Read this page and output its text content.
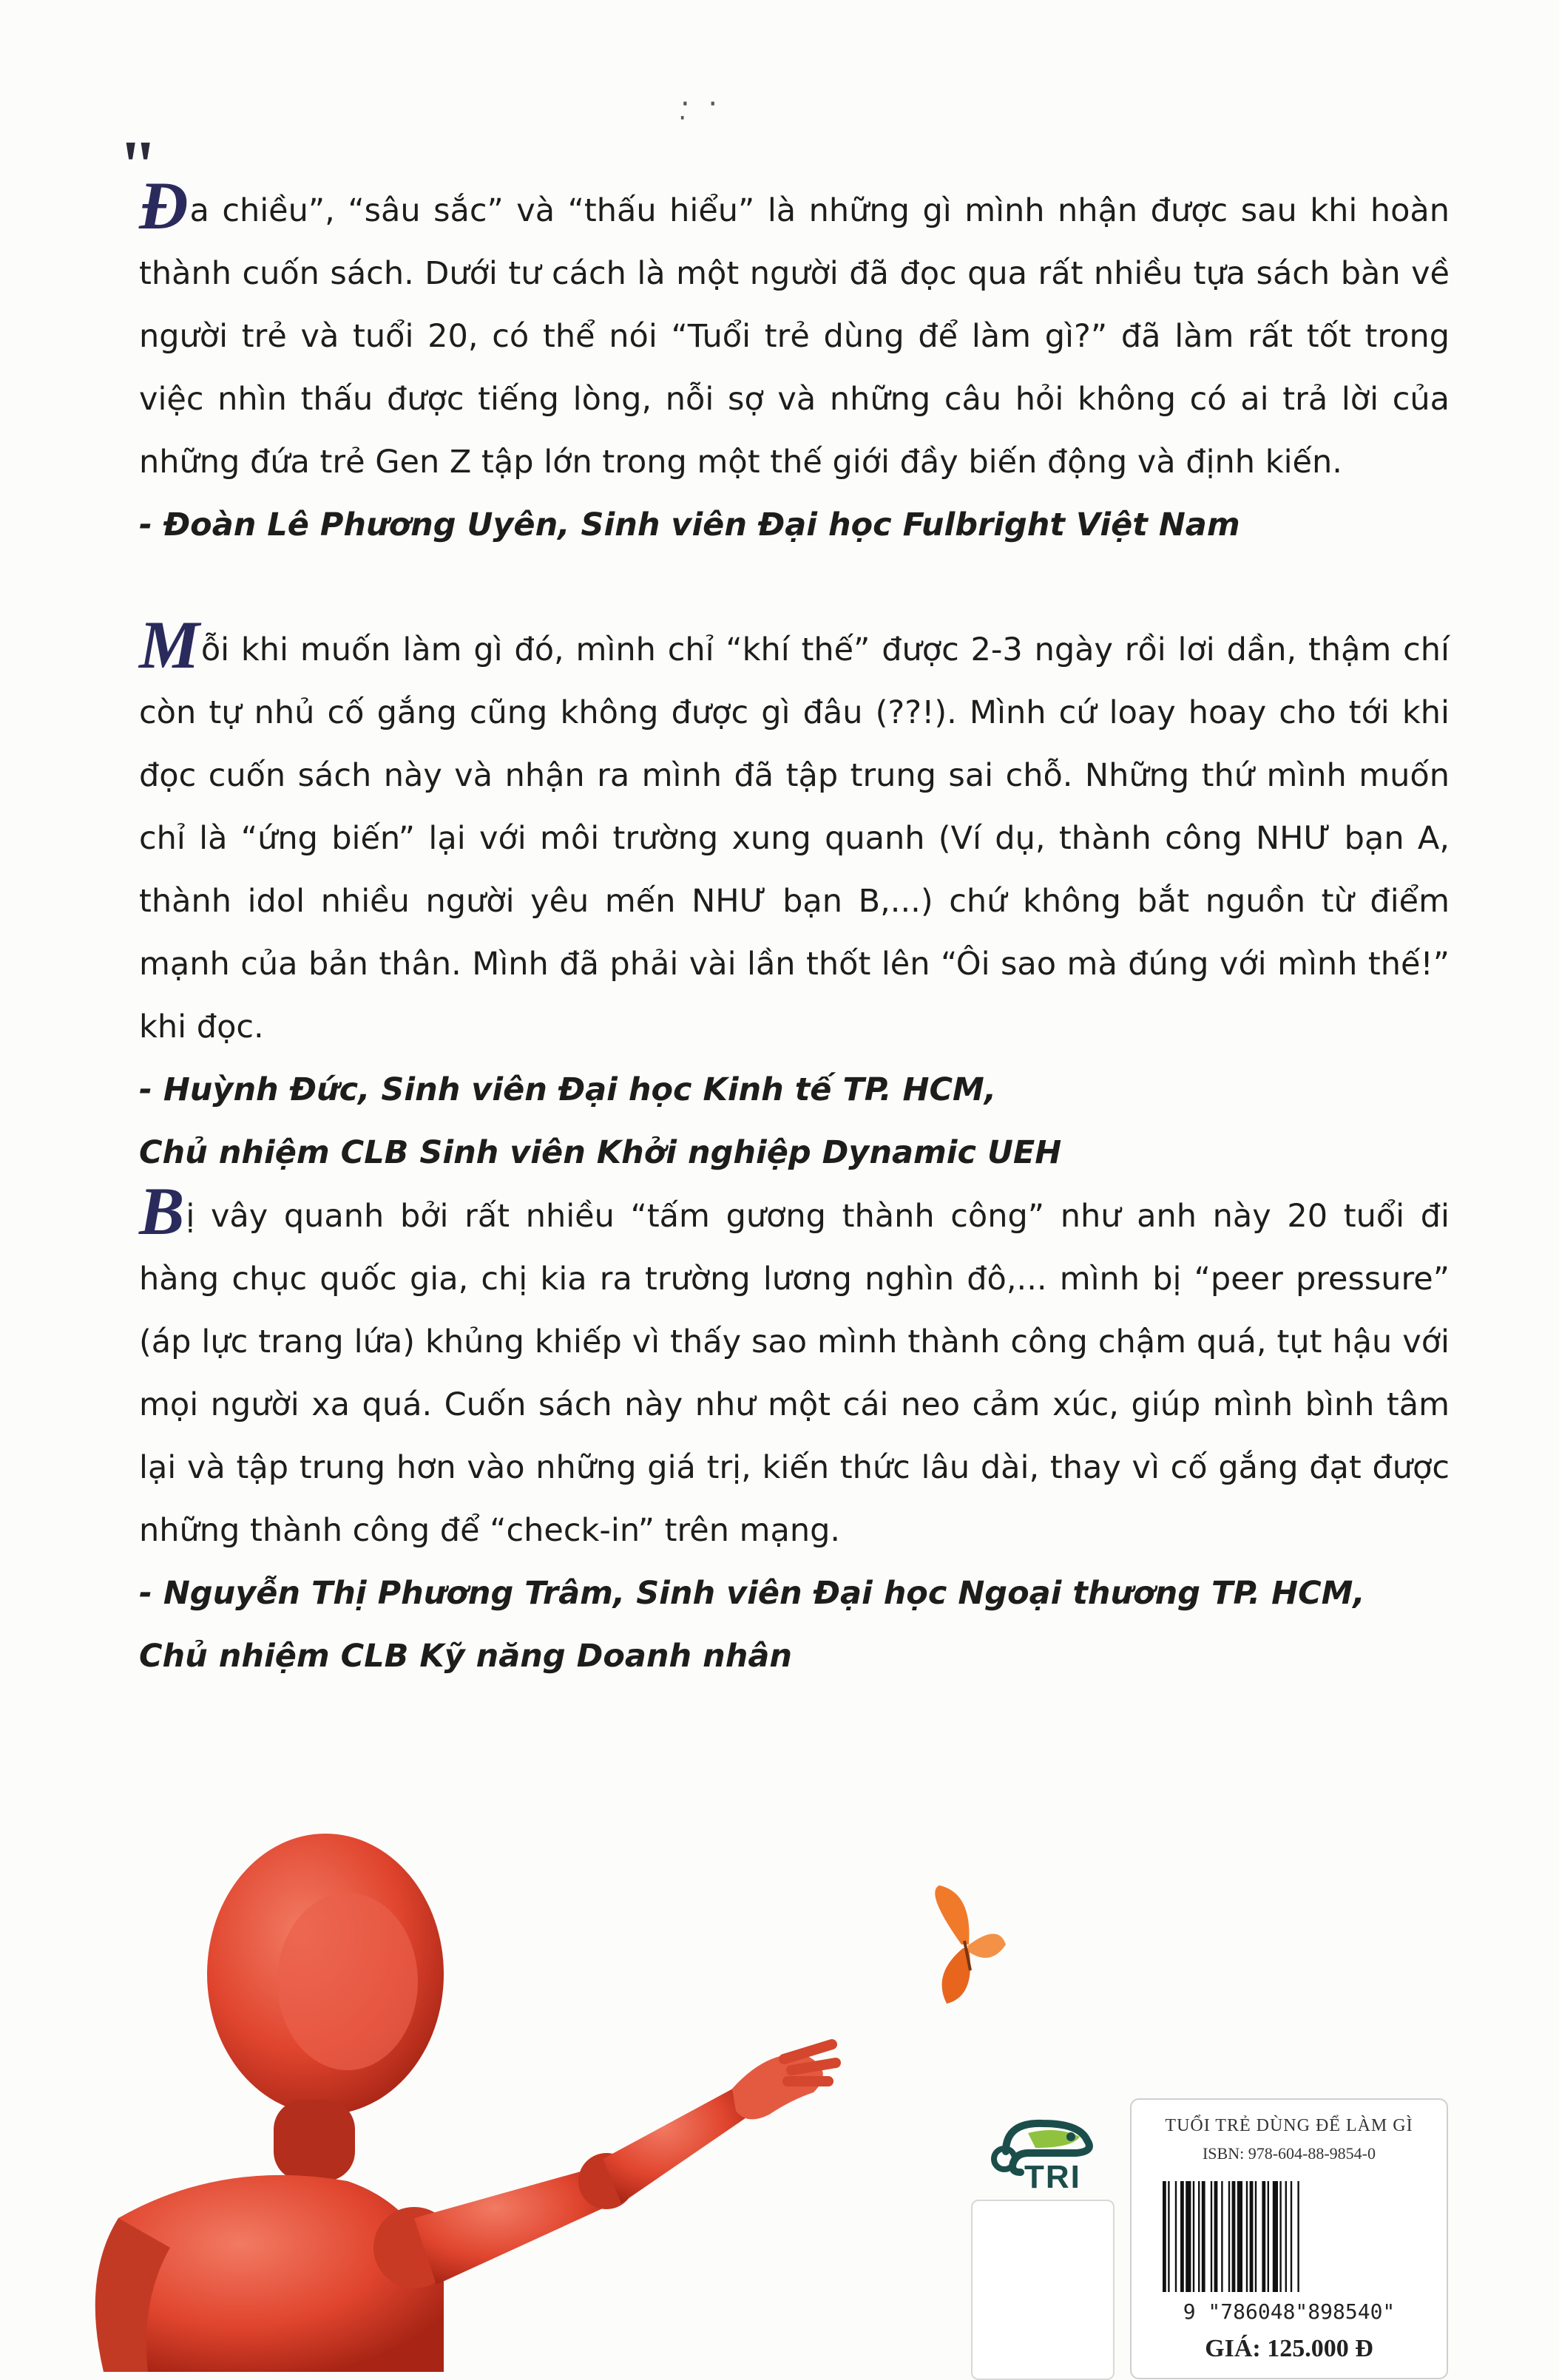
·̣ ·
"

Đa chiều”, “sâu sắc” và “thấu hiểu” là những gì mình nhận được sau khi hoàn thành cuốn sách. Dưới tư cách là một người đã đọc qua rất nhiều tựa sách bàn về người trẻ và tuổi 20, có thể nói “Tuổi trẻ dùng để làm gì?” đã làm rất tốt trong việc nhìn thấu được tiếng lòng, nỗi sợ và những câu hỏi không có ai trả lời của những đứa trẻ Gen Z tập lớn trong một thế giới đầy biến động và định kiến.

- Đoàn Lê Phương Uyên, Sinh viên Đại học Fulbright Việt Nam

Mỗi khi muốn làm gì đó, mình chỉ “khí thế” được 2-3 ngày rồi lơi dần, thậm chí còn tự nhủ cố gắng cũng không được gì đâu (??!). Mình cứ loay hoay cho tới khi đọc cuốn sách này và nhận ra mình đã tập trung sai chỗ. Những thứ mình muốn chỉ là “ứng biến” lại với môi trường xung quanh (Ví dụ, thành công NHƯ bạn A, thành idol nhiều người yêu mến NHƯ bạn B,...) chứ không bắt nguồn từ điểm mạnh của bản thân. Mình đã phải vài lần thốt lên “Ôi sao mà đúng với mình thế!” khi đọc.

- Huỳnh Đức, Sinh viên Đại học Kinh tế TP. HCM,

Chủ nhiệm CLB Sinh viên Khởi nghiệp Dynamic UEH

Bị vây quanh bởi rất nhiều “tấm gương thành công” như anh này 20 tuổi đi hàng chục quốc gia, chị kia ra trường lương nghìn đô,... mình bị “peer pressure” (áp lực trang lứa) khủng khiếp vì thấy sao mình thành công chậm quá, tụt hậu với mọi người xa quá. Cuốn sách này như một cái neo cảm xúc, giúp mình bình tâm lại và tập trung hơn vào những giá trị, kiến thức lâu dài, thay vì cố gắng đạt được những thành công để “check-in” trên mạng.

- Nguyễn Thị Phương Trâm, Sinh viên Đại học Ngoại thương TP. HCM,

Chủ nhiệm CLB Kỹ năng Doanh nhân

TRI
TUỔI TRẺ DÙNG ĐỂ LÀM GÌ
ISBN: 978-604-88-9854-0
9 "786048"898540"
GIÁ: 125.000 Đ
